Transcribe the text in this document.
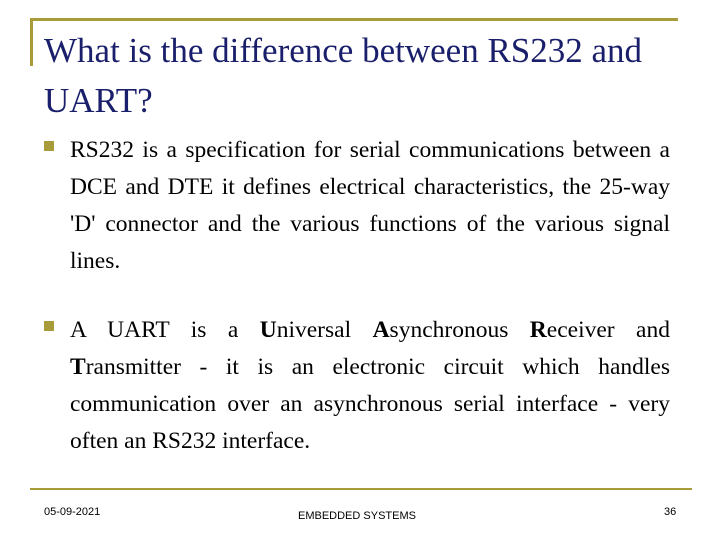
What is the difference between RS232 and UART?

RS232 is a specification for serial communications between a DCE and DTE it defines electrical characteristics, the 25-way 'D' connector and the various functions of the various signal lines.

A UART is a Universal Asynchronous Receiver and Transmitter - it is an electronic circuit which handles communication over an asynchronous serial interface - very often an RS232 interface.

05-09-2021	EMBEDDED SYSTEMS	36
